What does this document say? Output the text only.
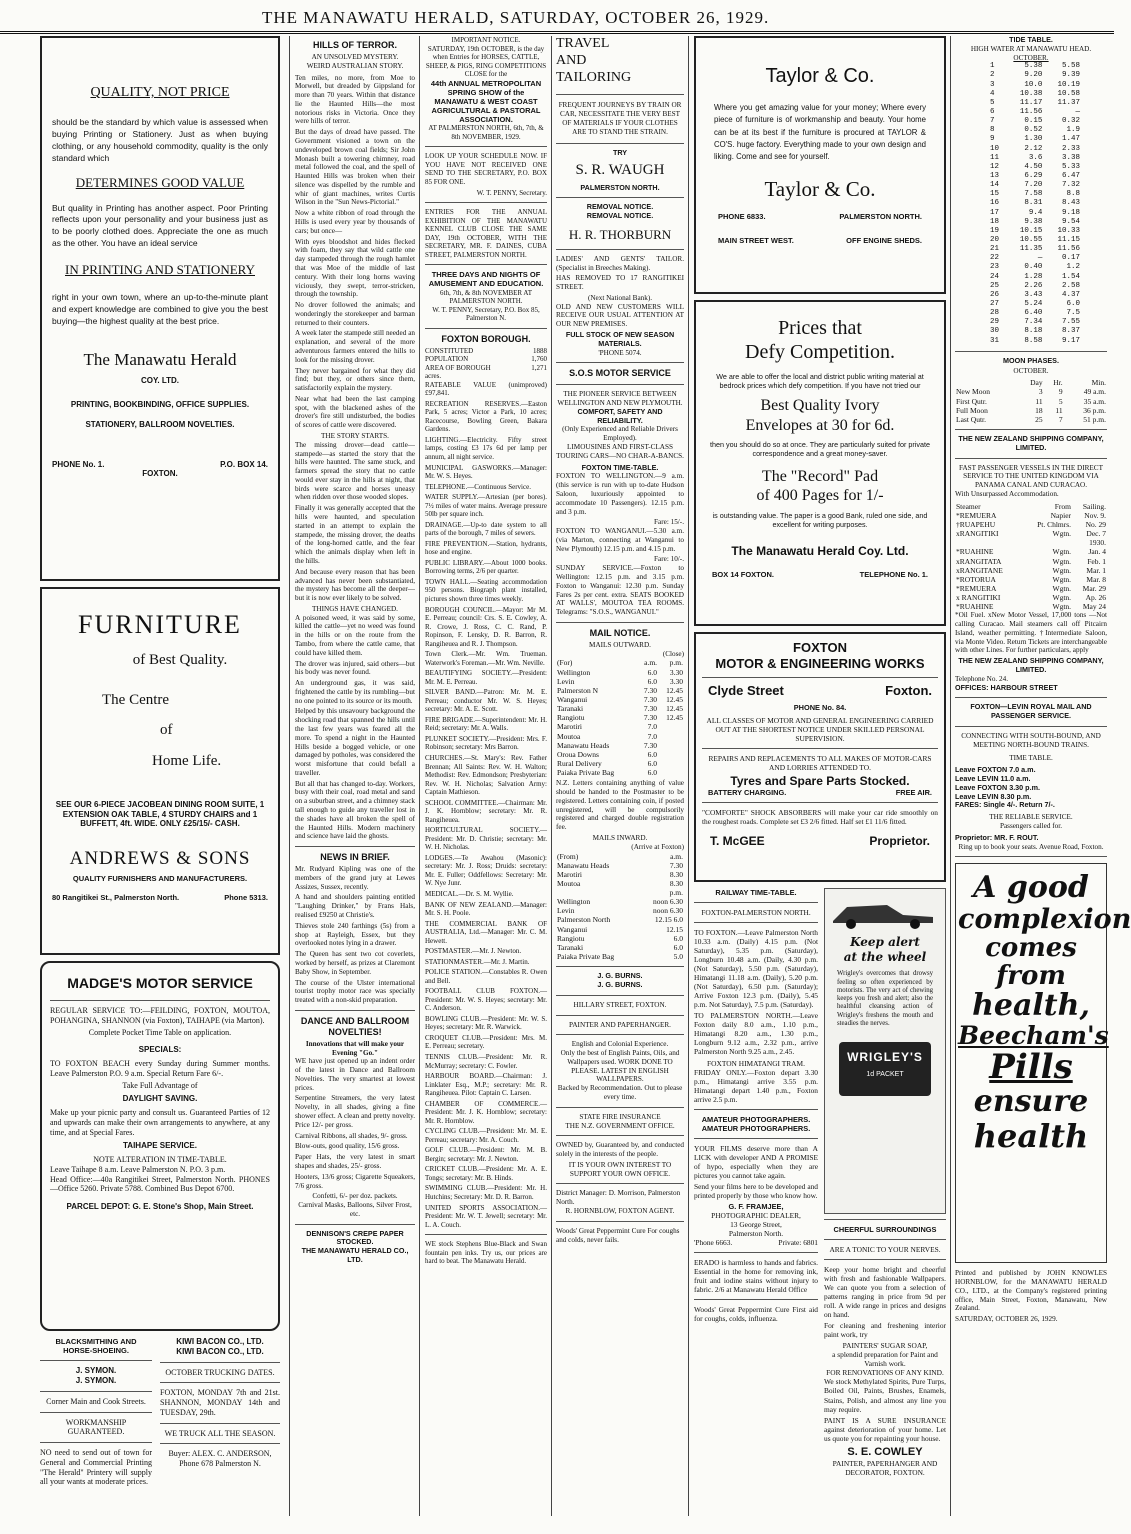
THE MANAWATU HERALD, SATURDAY, OCTOBER 26, 1929.
QUALITY, NOT PRICE

should be the standard by which value is assessed when buying Printing or Stationery. Just as when buying clothing, or any household commodity, quality is the only standard which

DETERMINES GOOD VALUE

But quality in Printing has another aspect. Poor Printing reflects upon your personality and your business just as to be poorly clothed does. Appreciate the one as much as the other. You have an ideal service

IN PRINTING AND STATIONERY

right in your own town, where an up-to-the-minute plant and expert knowledge are combined to give you the best buying—the highest quality at the best price.

The Manawatu Herald
COY. LTD.
PRINTING, BOOKBINDING, OFFICE SUPPLIES.
STATIONERY, BALLROOM NOVELTIES.
PHONE No. 1.	P.O. BOX 14.
FOXTON.
FURNITURE
of Best Quality.
The Centre
of
Home Life.

SEE OUR 6-PIECE JACOBEAN DINING ROOM SUITE, 1 EXTENSION OAK TABLE, 4 STURDY CHAIRS and 1 BUFFETT, 4ft. WIDE. ONLY £25/15/- CASH.

ANDREWS & SONS
QUALITY FURNISHERS AND MANUFACTURERS.
80 Rangitikei St., Palmerston North.	Phone 5313.
MADGE'S MOTOR SERVICE

REGULAR SERVICE TO:—FEILDING, FOXTON, MOUTOA, POHANGINA, SHANNON (via Foxton), TAIHAPE (via Marton).

Complete Pocket Time Table on application.
SPECIALS:

TO FOXTON BEACH every Sunday during Summer months. Leave Palmerston P.O. 9 a.m. Special Return Fare 6/-.

Take Full Advantage of
DAYLIGHT SAVING.

Make up your picnic party and consult us. Guaranteed Parties of 12 and upwards can make their own arrangements to anywhere, at any time, and at Special Fares.

TAIHAPE SERVICE.
NOTE ALTERATION IN TIME-TABLE.
Leave Taihape 8 a.m. Leave Palmerston N. P.O. 3 p.m.

Head Office:—40a Rangitikei Street, Palmerston North. PHONES—Office 5260. Private 5788. Combined Bus Depot 6700.

PARCEL DEPOT: G. E. Stone's Shop, Main Street.
BLACKSMITHING AND HORSE-SHOEING.
J. SYMON.
J. SYMON.
Corner Main and Cook Streets.
WORKMANSHIP GUARANTEED.

NO need to send out of town for General and Commercial Printing "The Herald" Printery will supply all your wants at moderate prices.

KIWI BACON CO., LTD.
KIWI BACON CO., LTD.
OCTOBER TRUCKING DATES.

FOXTON, MONDAY 7th and 21st. SHANNON, MONDAY 14th and TUESDAY, 29th.

WE TRUCK ALL THE SEASON.
Buyer: ALEX. C. ANDERSON,
Phone 678 Palmerston N.
HILLS OF TERROR.
AN UNSOLVED MYSTERY.
WEIRD AUSTRALIAN STORY.

Ten miles, no more, from Moe to Morwell, but dreaded by Gippsland for more than 70 years. Within that distance lie the Haunted Hills—the most notorious risks in Victoria. Once they were hills of terror.

But the days of dread have passed. The Government visioned a town on the undeveloped brown coal fields; Sir John Monash built a towering chimney, road metal followed the coal, and the spell of Haunted Hills was broken when their silence was dispelled by the rumble and whir of giant machines, writes Curtis Wilson in the "Sun News-Pictorial."

Now a white ribbon of road through the Hills is used every year by thousands of cars; but once—

With eyes bloodshot and hides flecked with foam, they say that wild cattle one day stampeded through the rough hamlet that was Moe of the middle of last century. With their long horns waving viciously, they swept, terror-stricken, through the township.

No drover followed the animals; and wonderingly the storekeeper and barman returned to their counters.

A week later the stampede still needed an explanation, and several of the more adventurous farmers entered the hills to look for the missing drover.

They never bargained for what they did find; but they, or others since them, satisfactorily explain the mystery.

Near what had been the last camping spot, with the blackened ashes of the drover's fire still undisturbed, the bodies of scores of cattle were discovered.

THE STORY STARTS.

The missing drover—dead cattle—stampede—as started the story that the hills were haunted. The same stuck, and farmers spread the story that no cattle would ever stay in the hills at night, that birds were scarce and horses uneasy when ridden over those wooded slopes.

Finally it was generally accepted that the hills were haunted, and speculation started in an attempt to explain the stampede, the missing drover, the deaths of the long-horned cattle, and the fear which the animals display when left in the hills.

And because every reason that has been advanced has never been substantiated, the mystery has become all the deeper—but it is now ever likely to be solved.

THINGS HAVE CHANGED.

A poisoned weed, it was said by some, killed the cattle—yet no weed was found in the hills or on the route from the Tambo, from where the cattle came, that could have killed them.

The drover was injured, said others—but his body was never found.

An underground gas, it was said, frightened the cattle by its rumbling—but no one pointed to its source or its mouth.

Helped by this unsavoury background the shocking road that spanned the hills until the last few years was feared all the more. To spend a night in the Haunted Hills beside a bogged vehicle, or one damaged by potholes, was considered the worst misfortune that could befall a traveller.

But all that has changed to-day. Workers, busy with their coal, road metal and sand on a suburban street, and a chimney stack tall enough to guide any traveller lost in the shades have all broken the spell of the Haunted Hills. Modern machinery and science have laid the ghosts.

NEWS IN BRIEF.

Mr. Rudyard Kipling was one of the members of the grand jury at Lewes Assizes, Sussex, recently.

A hand and shoulders painting entitled "Laughing Drinker," by Frans Hals, realised £9250 at Christie's.

Thieves stole 240 farthings (5s) from a shop at Rayleigh, Essex, but they overlooked notes lying in a drawer.

The Queen has sent two cot coverlets, worked by herself, as prizes at Claremont Baby Show, in September.

The course of the Ulster international tourist trophy motor race was specially treated with a non-skid preparation.

DANCE AND BALLROOM NOVELTIES!
Innovations that will make your Evening "Go."

WE have just opened up an indent order of the latest in Dance and Ballroom Novelties. The very smartest at lowest prices.

Serpentine Streamers, the very latest Novelty, in all shades, giving a fine shower effect. A clean and pretty novelty. Price 12/- per gross.

Carnival Ribbons, all shades, 9/- gross.

Blow-outs, good quality, 15/6 gross.

Paper Hats, the very latest in smart shapes and shades, 25/- gross.

Hooters, 13/6 gross; Cigarette Squeakers, 7/6 gross.

Confetti, 6/- per doz. packets.
Carnival Masks, Balloons, Silver Frost, etc.
DENNISON'S CREPE PAPER STOCKED.
THE MANAWATU HERALD CO., LTD.
IMPORTANT NOTICE.
SATURDAY, 19th OCTOBER, is the day when Entries for HORSES, CATTLE, SHEEP, & PIGS, RING COMPETITIONS CLOSE for the
44th ANNUAL METROPOLITAN SPRING SHOW of the MANAWATU & WEST COAST AGRICULTURAL & PASTORAL ASSOCIATION.
AT PALMERSTON NORTH, 6th, 7th, & 8th NOVEMBER, 1929.

LOOK UP YOUR SCHEDULE NOW. IF YOU HAVE NOT RECEIVED ONE SEND TO THE SECRETARY, P.O. BOX 85 FOR ONE.

W. T. PENNY, Secretary.

ENTRIES FOR THE ANNUAL EXHIBITION OF THE MANAWATU KENNEL CLUB CLOSE THE SAME DAY, 19th OCTOBER, WITH THE SECRETARY, MR. F. DAINES, CUBA STREET, PALMERSTON NORTH.

THREE DAYS AND NIGHTS OF AMUSEMENT AND EDUCATION.
6th, 7th, & 8th NOVEMBER AT PALMERSTON NORTH.
W. T. PENNY, Secretary, P.O. Box 85, Palmerston N.
FOXTON BOROUGH.
CONSTITUTED	1888
POPULATION	1,760
AREA OF BOROUGH	1,271
acres.

RATEABLE VALUE (unimproved) £97,841.

RECREATION RESERVES.—Easton Park, 5 acres; Victor a Park, 10 acres; Racecourse, Bowling Green, Bakara Gardens.

LIGHTING.—Electricity. Fifty street lamps, costing £3 17s 6d per lamp per annum, all night service.

MUNICIPAL GASWORKS.—Manager: Mr. W. S. Heyes.

TELEPHONE.—Continuous Service.

WATER SUPPLY.—Artesian (per bores). 7½ miles of water mains. Average pressure 50lb per square inch.

DRAINAGE.—Up-to date system to all parts of the borough, 7 miles of sewers.

FIRE PREVENTION.—Station, hydrants, hose and engine.

PUBLIC LIBRARY.—About 1000 books. Borrowing terms, 2/6 per quarter.

TOWN HALL.—Seating accommodation 950 persons. Biograph plant installed, pictures shown three times weekly.

BOROUGH COUNCIL.—Mayor: Mr M. E. Perreau; council: Crs. S. E. Cowley, A. R. Crowe, J. Ross, C. C. Rand, P. Ropinson, F. Lensky, D. R. Barron, R. Rangiheuea and R. J. Thompson.

Town Clerk.—Mr. Wm. Trueman. Waterwork's Foreman.—Mr. Wm. Neville.

BEAUTIFYING SOCIETY.—President: Mr. M. E. Perreau.

SILVER BAND.—Patron: Mr. M. E. Perreau; conductor Mr. W. S. Heyes; secretary: Mr. A. E. Scott.

FIRE BRIGADE.—Superintendent: Mr. H. Reid; secretary: Mr. A. Walls.

PLUNKET SOCIETY.—President: Mrs. F. Robinson; secretary: Mrs Barron.

CHURCHES.—St. Mary's: Rev. Father Brennan; All Saints: Rev. W. H. Walton; Methodist: Rev. Edmondson; Presbyterian: Rev. W. H. Nicholas; Salvation Army: Captain Mathieson.

SCHOOL COMMITTEE.—Chairman: Mr. J. K. Hornblow; secretary: Mr. R. Rangiheuea.

HORTICULTURAL SOCIETY.—President: Mr. D. Christie; secretary: Mr. W. H. Nicholas.

LODGES.—Te Awahou (Masonic): secretary: Mr. J. Ross; Druids: secretary: Mr. E. Fuller; Oddfellows: Secretary: Mr. W. Nye Junr.

MEDICAL.—Dr. S. M. Wyllie.

BANK OF NEW ZEALAND.—Manager: Mr. S. H. Poole.

THE COMMERCIAL BANK OF AUSTRALIA, Ltd.—Manager: Mr. C. M. Hewett.

POSTMASTER.—Mr. J. Newton.

STATIONMASTER.—Mr. J. Martin.

POLICE STATION.—Constables R. Owen and Bell.

FOOTBALL CLUB FOXTON.—President: Mr. W. S. Heyes; secretary: Mr. C. Anderson.

BOWLING CLUB.—President: Mr. W. S. Heyes; secretary: Mr. R. Warwick.

CROQUET CLUB.—President: Mrs. M. E. Perreau; secretary.

TENNIS CLUB.—President: Mr. R. McMurray; secretary: C. Fowler.

HARBOUR BOARD.—Chairman: J. Linklater Esq., M.P.; secretary: Mr. R. Rangiheuea. Pilot: Captain C. Larsen.

CHAMBER OF COMMERCE.—President: Mr. J. K. Hornblow; secretary: Mr. R. Hornblow.

CYCLING CLUB.—President: Mr. M. E. Perreau; secretary: Mr. A. Couch.

GOLF CLUB.—President: Mr. M. B. Bergin; secretary: Mr. J. Newton.

CRICKET CLUB.—President: Mr. A. E. Tongs; secretary: Mr. B. Hinds.

SWIMMING CLUB.—President: Mr. H. Hutchins; Secretary: Mr. D. R. Barron.

UNITED SPORTS ASSOCIATION.—President: Mr. W. T. Jewell; secretary: Mr. L. A. Couch.

WE stock Stephens Blue-Black and Swan fountain pen inks. Try us, our prices are hard to beat. The Manawatu Herald.

TRAVEL AND TAILORING
FREQUENT JOURNEYS BY TRAIN OR CAR, NECESSITATE THE VERY BEST OF MATERIALS IF YOUR CLOTHES ARE TO STAND THE STRAIN.
TRY
S. R. WAUGH
PALMERSTON NORTH.
REMOVAL NOTICE.
REMOVAL NOTICE.
H. R. THORBURN

LADIES' AND GENTS' TAILOR. (Specialist in Breeches Making).

HAS REMOVED TO 17 RANGITIKEI STREET.

(Next National Bank).

OLD AND NEW CUSTOMERS WILL RECEIVE OUR USUAL ATTENTION AT OUR NEW PREMISES.

FULL STOCK OF NEW SEASON MATERIALS.
'PHONE 5074.
S.O.S MOTOR SERVICE
THE PIONEER SERVICE BETWEEN WELLINGTON AND NEW PLYMOUTH.
COMFORT, SAFETY AND RELIABILITY.
(Only Experienced and Reliable Drivers Employed).
LIMOUSINES AND FIRST-CLASS TOURING CARS—NO CHAR-A-BANCS.
FOXTON TIME-TABLE.

FOXTON TO WELLINGTON.—9 a.m. (this service is run with up to-date Hudson Saloon, luxuriously appointed to accommodate 10 Passengers). 12.15 p.m. and 3 p.m.

Fare: 15/-.

FOXTON TO WANGANUI.—5.30 a.m. (via Marton, connecting at Wanganui to New Plymouth) 12.15 p.m. and 4.15 p.m.

Fare: 10/-.

SUNDAY SERVICE.—Foxton to Wellington: 12.15 p.m. and 3.15 p.m. Foxton to Wanganui: 12.30 p.m. Sunday Fares 2s per cent. extra. SEATS BOOKED AT WALLS', MOUTOA TEA ROOMS. Telegrams: "S.O.S., WANGANUI."

MAIL NOTICE.
MAILS OUTWARD.
(Close)
(For)	a.m.	p.m.
Wellington	6.0	3.30
Levin	6.0	3.30
Palmerston N	7.30	12.45
Wanganui	7.30	12.45
Taranaki	7.30	12.45
Rangiotu	7.30	12.45
Marotiri	7.0	
Moutoa	7.0	
Manawatu Heads	7.30	
Oroua Downs	6.0	
Rural Delivery	6.0	
Paiaka Private Bag	6.0	

N.Z. Letters containing anything of value should be handed to the Postmaster to be registered. Letters containing coin, if posted unregistered, will be compulsorily registered and charged double registration fee.

MAILS INWARD.
(Arrive at Foxton)
(From)	a.m.
Manawatu Heads	7.30
Marotiri	8.30
Moutoa	8.30
	p.m.
Wellington	noon 6.30
Levin	noon 6.30
Palmerston North	12.15 6.0
Wanganui	12.15
Rangiotu	6.0
Taranaki	6.0
Paiaka Private Bag	5.0
J. G. BURNS.
J. G. BURNS.
HILLARY STREET, FOXTON.
PAINTER AND PAPERHANGER.
English and Colonial Experience.
Only the best of English Paints, Oils, and Wallpapers used. WORK DONE TO PLEASE. LATEST IN ENGLISH WALLPAPERS.
Backed by Recommendation. Out to please every time.
STATE FIRE INSURANCE
THE N.Z. GOVERNMENT OFFICE.

OWNED by, Guaranteed by, and conducted solely in the interests of the people.

IT IS YOUR OWN INTEREST TO SUPPORT YOUR OWN OFFICE.
District Manager: D. Morrison, Palmerston North.
R. HORNBLOW, FOXTON AGENT.
Woods' Great Peppermint Cure For coughs and colds, never fails.
Taylor & Co.

Where you get amazing value for your money; Where every piece of furniture is of workmanship and beauty. Your home can be at its best if the furniture is procured at TAYLOR & CO'S. huge factory. Everything made to your own design and liking. Come and see for yourself.

Taylor & Co.
PHONE 6833.	PALMERSTON NORTH.
MAIN STREET WEST.	OFF ENGINE SHEDS.
Prices that
Defy Competition.

We are able to offer the local and district public writing material at bedrock prices which defy competition. If you have not tried our

Best Quality Ivory
Envelopes at 30 for 6d.

then you should do so at once. They are particularly suited for private correspondence and a great money-saver.

The "Record" Pad
of 400 Pages for 1/-

is outstanding value. The paper is a good Bank, ruled one side, and excellent for writing purposes.

The Manawatu Herald Coy. Ltd.
BOX 14 FOXTON.	TELEPHONE No. 1.
FOXTON
MOTOR & ENGINEERING WORKS
Clyde Street	Foxton.
PHONE No. 84.

ALL CLASSES OF MOTOR AND GENERAL ENGINEERING CARRIED OUT AT THE SHORTEST NOTICE UNDER SKILLED PERSONAL SUPERVISION.

REPAIRS AND REPLACEMENTS TO ALL MAKES OF MOTOR-CARS AND LORRIES ATTENDED TO.

Tyres and Spare Parts Stocked.
BATTERY CHARGING.	FREE AIR.

"COMFORTE" SHOCK ABSORBERS will make your car ride smoothly on the roughest roads. Complete set £3 2/6 fitted. Half set £1 11/6 fitted.

T. McGEE	Proprietor.
RAILWAY TIME-TABLE.
FOXTON-PALMERSTON NORTH.

TO FOXTON.—Leave Palmerston North 10.33 a.m. (Daily) 4.15 p.m. (Not Saturday), 5.35 p.m. (Saturday), Longburn 10.48 a.m. (Daily, 4.30 p.m. (Not Saturday), 5.50 p.m. (Saturday), Himatangi 11.18 a.m. (Daily), 5.20 p.m. (Not Saturday), 6.50 p.m. (Saturday); Arrive Foxton 12.3 p.m. (Daily), 5.45 p.m. Not Saturday), 7.5 p.m. (Saturday).

TO PALMERSTON NORTH.—Leave Foxton daily 8.0 a.m., 1.10 p.m., Himatangi 8.20 a.m., 1.30 p.m., Longburn 9.12 a.m., 2.32 p.m., arrive Palmerston North 9.25 a.m., 2.45.

FOXTON HIMATANGI TRAM.

FRIDAY ONLY.—Foxton depart 3.30 p.m., Himatangi arrive 3.55 p.m. Himatangi depart 1.40 p.m., Foxton arrive 2.5 p.m.

AMATEUR PHOTOGRAPHERS.
AMATEUR PHOTOGRAPHERS.

YOUR FILMS deserve more than A LICK with developer AND A PROMISE of hypo, especially when they are pictures you cannot take again.

Send your films here to be developed and printed properly by those who know how.

G. F. FRAMJEE,
PHOTOGRAPHIC DEALER,
13 George Street,
Palmerston North.
'Phone 6663.	Private: 6801

ERADO is harmless to hands and fabrics. Essential in the home for removing ink, fruit and iodine stains without injury to fabric. 2/6 at Manawatu Herald Office

Woods' Great Peppermint Cure First aid for coughs, colds, influenza.

Keep alert
at the wheel

Wrigley's overcomes that drowsy feeling so often experienced by motorists. The very act of chewing keeps you fresh and alert; also the healthful cleansing action of Wrigley's freshens the mouth and steadies the nerves.

WRIGLEY'S
1d PACKET
CHEERFUL SURROUNDINGS
ARE A TONIC TO YOUR NERVES.

Keep your home bright and cheerful with fresh and fashionable Wallpapers. We can quote you from a selection of patterns ranging in price from 9d per roll. A wide range in prices and designs on hand.

For cleaning and freshening interior paint work, try

PAINTERS' SUGAR SOAP,
a splendid preparation for Paint and Varnish work.
FOR RENOVATIONS OF ANY KIND.

We stock Methylated Spirits, Pure Turps, Boiled Oil, Paints, Brushes, Enamels, Stains, Polish, and almost any line you may require.

PAINT IS A SURE INSURANCE against deterioration of your home. Let us quote you for repainting your house.

S. E. COWLEY
PAINTER, PAPERHANGER AND DECORATOR, FOXTON.
TIDE TABLE.
HIGH WATER AT MANAWATU HEAD.
OCTOBER.
1	5.38	5.58
2	9.20	9.39
3	10.0	10.19
4	10.38	10.58
5	11.17	11.37
6	11.56	—
7	0.15	0.32
8	0.52	1.9
9	1.30	1.47
10	2.12	2.33
11	3.6	3.38
12	4.50	5.33
13	6.29	6.47
14	7.20	7.32
15	7.58	8.8
16	8.31	8.43
17	9.4	9.18
18	9.38	9.54
19	10.15	10.33
20	10.55	11.15
21	11.35	11.56
22	—	0.17
23	0.40	1.2
24	1.28	1.54
25	2.26	2.58
26	3.43	4.37
27	5.24	6.0
28	6.40	7.5
29	7.34	7.55
30	8.18	8.37
31	8.58	9.17
MOON PHASES.
OCTOBER.
	Day	Hr.	Min.
New Moon	3	9	49 a.m.
First Qutr.	11	5	35 a.m.
Full Moon	18	11	36 p.m.
Last Qutr.	25	7	51 p.m.
THE NEW ZEALAND SHIPPING COMPANY, LIMITED.
FAST PASSENGER VESSELS IN THE DIRECT SERVICE TO THE UNITED KINGDOM VIA PANAMA CANAL AND CURACAO.
With Unsurpassed Accommodation.
Steamer	From	Sailing.
*REMUERA	Napier	Nov. 9.
†RUAPEHU	Pt. Chlmrs.	No. 29
xRANGITIKI	Wgtn.	Dec. 7
		1930.
*RUAHINE	Wgtn.	Jan. 4
xRANGITATA	Wgtn.	Feb. 1
xRANGITANE	Wgtn.	Mar. 1
*ROTORUA	Wgtn.	Mar. 8
*REMUERA	Wgtn.	Mar. 29
x RANGITIKI	Wgtn.	Ap. 26
*RUAHINE	Wgtn.	May 24

*Oil Fuel. xNew Motor Vessel, 17,000 tons —Not calling Curacao. Mail steamers call off Pitcairn Island, weather permitting. †Intermediate Saloon, via Monte Video. Return Tickets are interchangeable with other Lines. For further particulars, apply

THE NEW ZEALAND SHIPPING COMPANY, LIMITED.
Telephone No. 24.
OFFICES: HARBOUR STREET
FOXTON—LEVIN ROYAL MAIL AND PASSENGER SERVICE.
CONNECTING WITH SOUTH-BOUND, AND MEETING NORTH-BOUND TRAINS.
TIME TABLE.
Leave FOXTON 7.0 a.m.
Leave LEVIN 11.0 a.m.
Leave FOXTON 3.30 p.m.
Leave LEVIN 8.30 p.m.
FARES: Single 4/-. Return 7/-.
THE RELIABLE SERVICE.
Passengers called for.
Proprietor: MR. F. ROUT.
Ring up to book your seats. Avenue Road, Foxton.
A good
complexion
comes from
health,
Beecham's
Pills
ensure
health

Printed and published by JOHN KNOWLES HORNBLOW, for the MANAWATU HERALD CO., LTD., at the Company's registered printing office, Main Street, Foxton, Manawatu, New Zealand.

SATURDAY, OCTOBER 26, 1929.
